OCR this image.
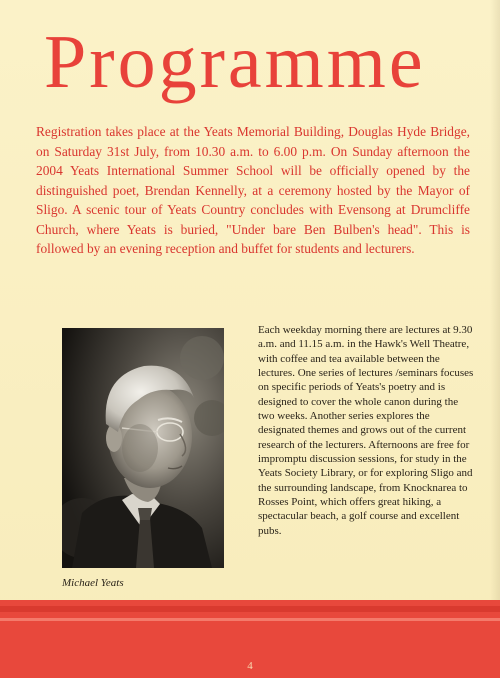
Programme

Registration takes place at the Yeats Memorial Building, Douglas Hyde Bridge, on Saturday 31st July, from 10.30 a.m. to 6.00 p.m. On Sunday afternoon the 2004 Yeats International Summer School will be officially opened by the distinguished poet, Brendan Kennelly, at a ceremony hosted by the Mayor of Sligo. A scenic tour of Yeats Country concludes with Evensong at Drumcliffe Church, where Yeats is buried, "Under bare Ben Bulben's head". This is followed by an evening reception and buffet for students and lecturers.

Michael Yeats

Each weekday morning there are lectures at 9.30 a.m. and 11.15 a.m. in the Hawk's Well Theatre, with coffee and tea available between the lectures. One series of lectures /seminars focuses on specific periods of Yeats's poetry and is designed to cover the whole canon during the two weeks. Another series explores the designated themes and grows out of the current research of the lecturers. Afternoons are free for impromptu discussion sessions, for study in the Yeats Society Library, or for exploring Sligo and the surrounding landscape, from Knocknarea to Rosses Point, which offers great hiking, a spectacular beach, a golf course and excellent pubs.

4
